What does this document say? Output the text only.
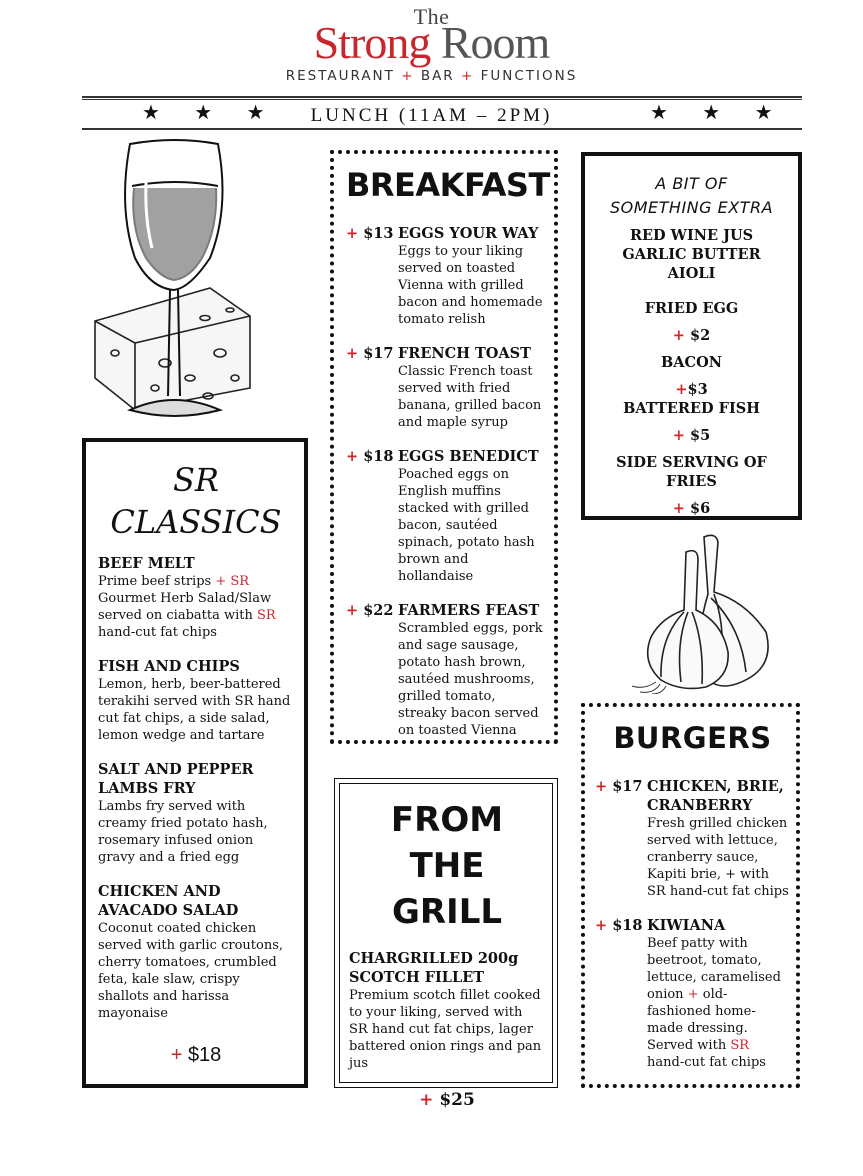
The
Strong Room
RESTAURANT + BAR + FUNCTIONS
★ ★ ★	★ ★ ★
LUNCH (11AM – 2PM)
SR
CLASSICS
BEEF MELT
Prime beef strips + SR Gourmet Herb Salad/Slaw served on ciabatta with SR hand-cut fat chips
FISH AND CHIPS
Lemon, herb, beer-battered terakihi served with SR hand cut fat chips, a side salad, lemon wedge and tartare
SALT AND PEPPER LAMBS FRY
Lambs fry served with creamy fried potato hash, rosemary infused onion gravy and a fried egg
CHICKEN AND AVACADO SALAD
Coconut coated chicken served with garlic croutons, cherry tomatoes, crumbled feta, kale slaw, crispy shallots and harissa mayonaise
+ $18
BREAKFAST
+ $13 EGGS YOUR WAY
Eggs to your liking served on toasted Vienna with grilled bacon and homemade tomato relish
+ $17 FRENCH TOAST
Classic French toast served with fried banana, grilled bacon and maple syrup
+ $18 EGGS BENEDICT
Poached eggs on English muffins stacked with grilled bacon, sautéed spinach, potato hash brown and hollandaise
+ $22 FARMERS FEAST
Scrambled eggs, pork and sage sausage, potato hash brown, sautéed mushrooms, grilled tomato, streaky bacon served on toasted Vienna
FROM THE
GRILL
CHARGRILLED 200g SCOTCH FILLET
Premium scotch fillet cooked to your liking, served with SR hand cut fat chips, lager battered onion rings and pan jus
+ $25
A BIT OF
SOMETHING EXTRA
RED WINE JUS
GARLIC BUTTER
AIOLI
FRIED EGG
+ $2
BACON
+$3
BATTERED FISH
+ $5
SIDE SERVING OF FRIES
+ $6
BURGERS
+ $17 CHICKEN, BRIE, CRANBERRY
Fresh grilled chicken served with lettuce, cranberry sauce, Kapiti brie, + with SR hand-cut fat chips
+ $18 KIWIANA
Beef patty with beetroot, tomato, lettuce, caramelised onion + old-fashioned home-made dressing. Served with SR hand-cut fat chips
